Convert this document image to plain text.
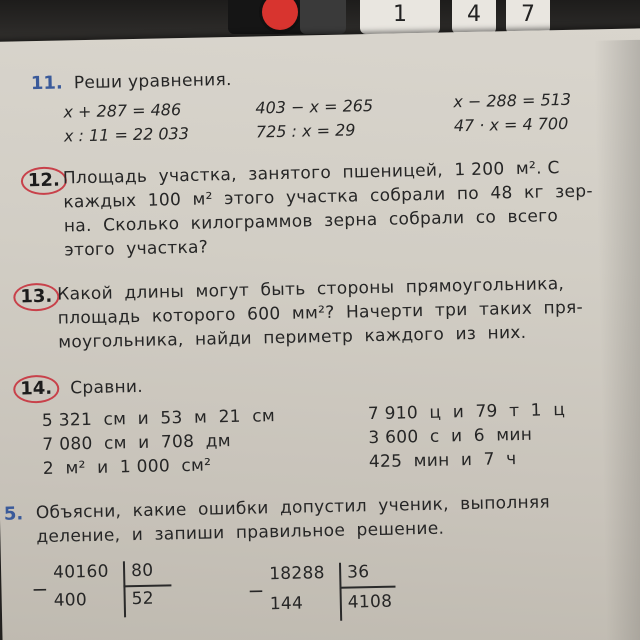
1	4	7
11. Реши уравнения.
x + 287 = 486	403 − x = 265	x − 288 = 513
x : 11 = 22 033	725 : x = 29	47 · x = 4 700
12. Площадь  участка,  занятого  пшеницей,  1 200  м². С
каждых  100  м²  этого  участка  собрали  по  48  кг  зер-
на.  Сколько  килограммов  зерна  собрали  со  всего
этого  участка?
13. Какой  длины  могут  быть  стороны  прямоугольника,
площадь  которого  600  мм²?  Начерти  три  таких  пря-
моугольника,  найди  периметр  каждого  из  них.
14. Сравни.
5 321  см  и  53  м  21  см
7 080  см  и  708  дм
2  м²  и  1 000  см²
7 910  ц  и  79  т  1  ц
3 600  с  и  6  мин
425  мин  и  7  ч
5. Объясни,  какие  ошибки  допустил  ученик,  выполняя
деление,  и  запиши  правильное  решение.
40160 80
− 400	52
18288 36
−
144	4108
